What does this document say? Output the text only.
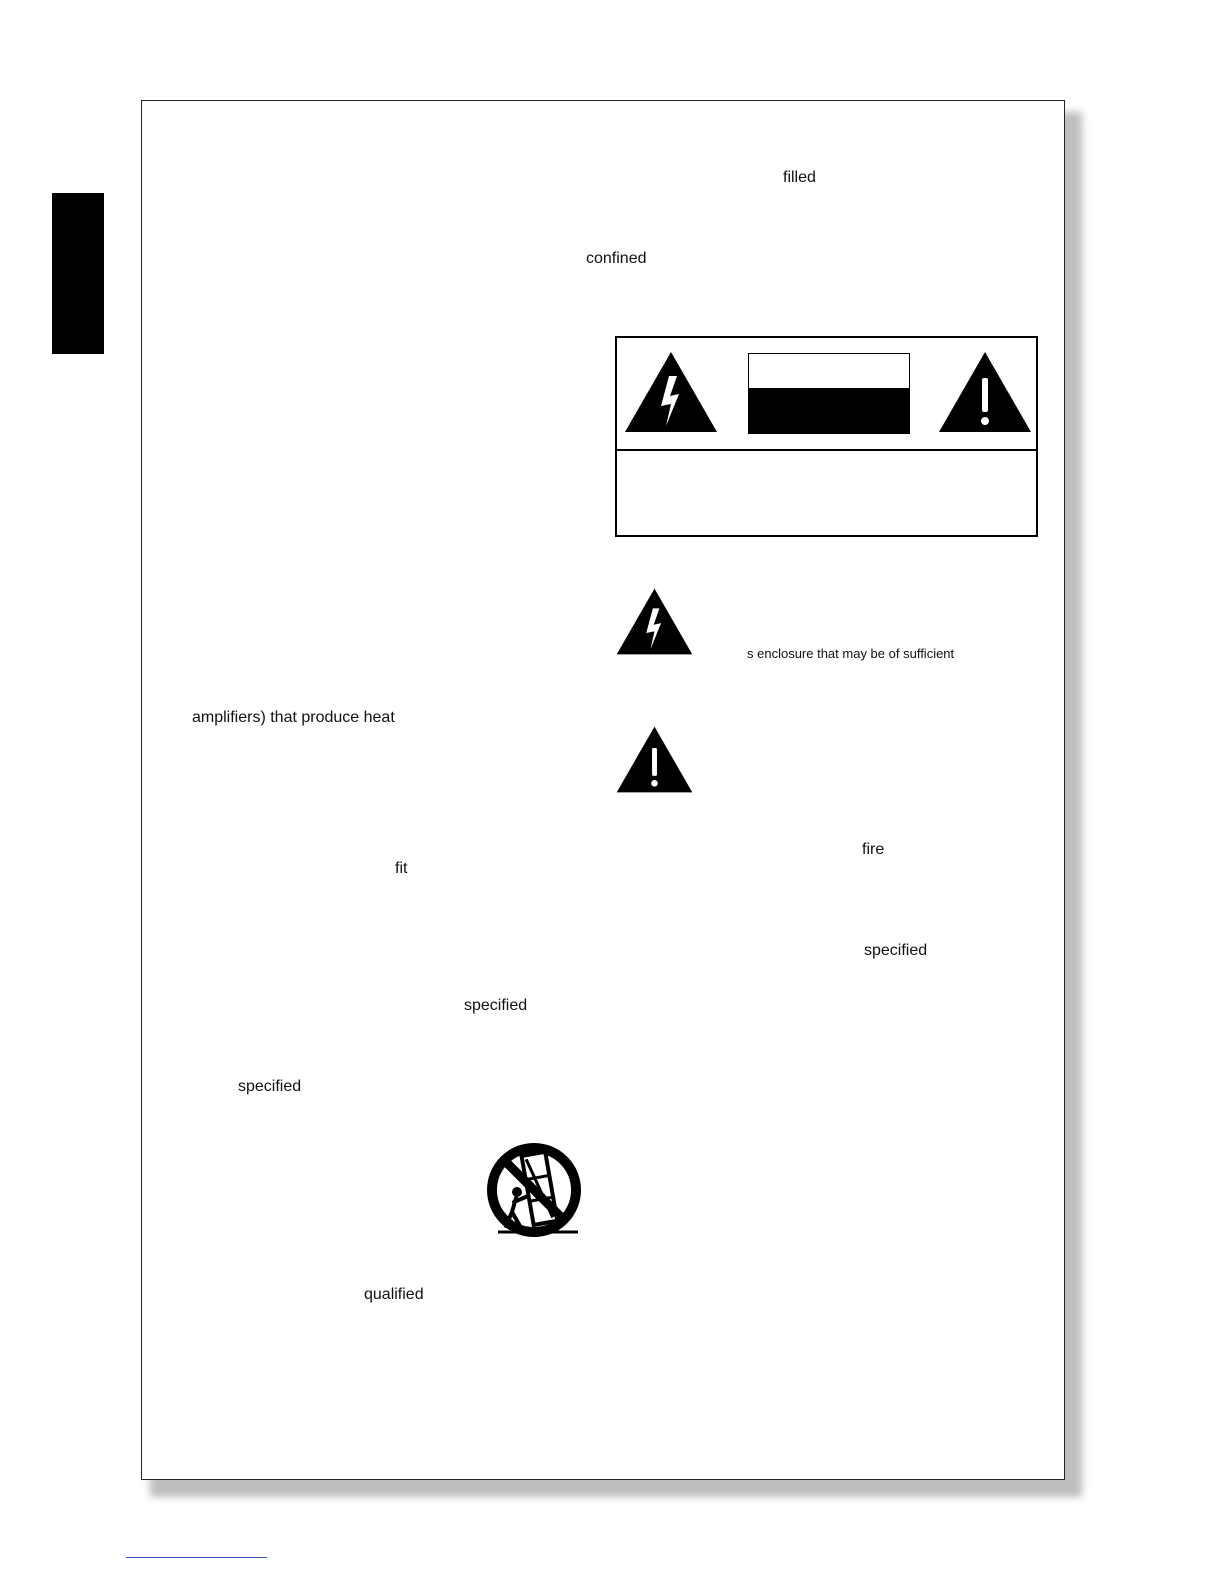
filled
confined
s enclosure that may be of sufficient
amplifiers) that produce heat
fit
fire
specified
specified
specified
qualified
